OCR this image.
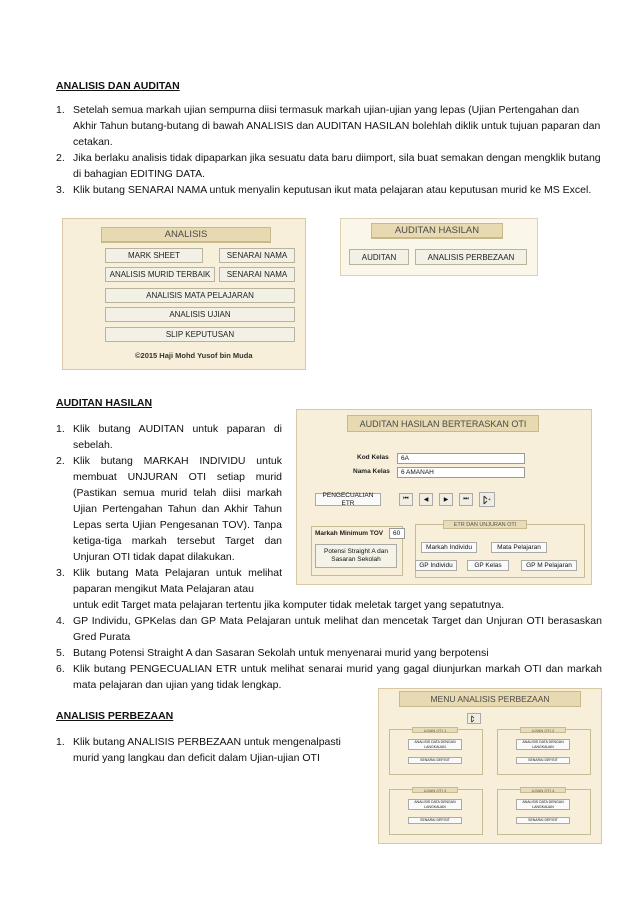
ANALISIS DAN AUDITAN
1. Setelah semua markah ujian sempurna diisi termasuk markah ujian-ujian yang lepas (Ujian Pertengahan dan Akhir Tahun butang-butang di bawah ANALISIS dan AUDITAN HASILAN bolehlah diklik untuk tujuan paparan dan cetakan.
2. Jika berlaku analisis tidak dipaparkan jika sesuatu data baru diimport, sila buat semakan dengan mengklik butang di bahagian EDITING DATA.
3. Klik butang SENARAI NAMA untuk menyalin keputusan ikut mata pelajaran atau keputusan murid ke MS Excel.
ANALISIS
MARK SHEET	SENARAI NAMA
ANALISIS MURID TERBAIK	SENARAI NAMA
ANALISIS MATA PELAJARAN
ANALISIS UJIAN
SLIP KEPUTUSAN
©2015 Haji Mohd Yusof bin Muda
AUDITAN HASILAN
AUDITAN	ANALISIS PERBEZAAN
AUDITAN HASILAN
1. Klik butang AUDITAN untuk paparan di sebelah.
2. Klik butang MARKAH INDIVIDU untuk membuat UNJURAN OTI setiap murid (Pastikan semua murid telah diisi markah Ujian Pertengahan Tahun dan Akhir Tahun Lepas serta Ujian Pengesanan TOV). Tanpa ketiga-tiga markah tersebut Target dan Unjuran OTI tidak dapat dilakukan.
3. Klik butang Mata Pelajaran untuk melihat paparan mengikut Mata Pelajaran atau
untuk edit Target mata pelajaran tertentu jika komputer tidak meletak target yang sepatutnya.
4. GP Individu, GPKelas dan GP Mata Pelajaran untuk melihat dan mencetak Target dan Unjuran OTI berasaskan Gred Purata
5. Butang Potensi Straight A dan Sasaran Sekolah untuk menyenarai murid yang berpotensi
6. Klik butang PENGECUALIAN ETR untuk melihat senarai murid yang gagal diunjurkan markah OTI dan markah mata pelajaran dan ujian yang tidak lengkap.
AUDITAN HASILAN BERTERASKAN OTI
Kod Kelas	6A
Nama Kelas	6 AMANAH
PENGECUALIAN ETR
⏮	◀	▶	⏭	+
Markah Minimum TOV	60
Potensi Straight A dan Sasaran Sekolah
ETR DAN UNJURAN OTI
Markah Individu	Mata Pelajaran
GP Individu	GP Kelas	GP M Pelajaran
ANALISIS PERBEZAAN
1. Klik butang ANALISIS PERBEZAAN untuk mengenalpasti murid yang langkau dan deficit dalam Ujian-ujian OTI
MENU ANALISIS PERBEZAAN
UJIAN OTI 1
ANALISIS DATA DENGAN LANGKAUAN
SENARAI DEFISIT
UJIAN OTI 2
ANALISIS DATA DENGAN LANGKAUAN
SENARAI DEFISIT
UJIAN OTI 3
ANALISIS DATA DENGAN LANGKAUAN
SENARAI DEFISIT
UJIAN OTI 4
ANALISIS DATA DENGAN LANGKAUAN
SENARAI DEFISIT
